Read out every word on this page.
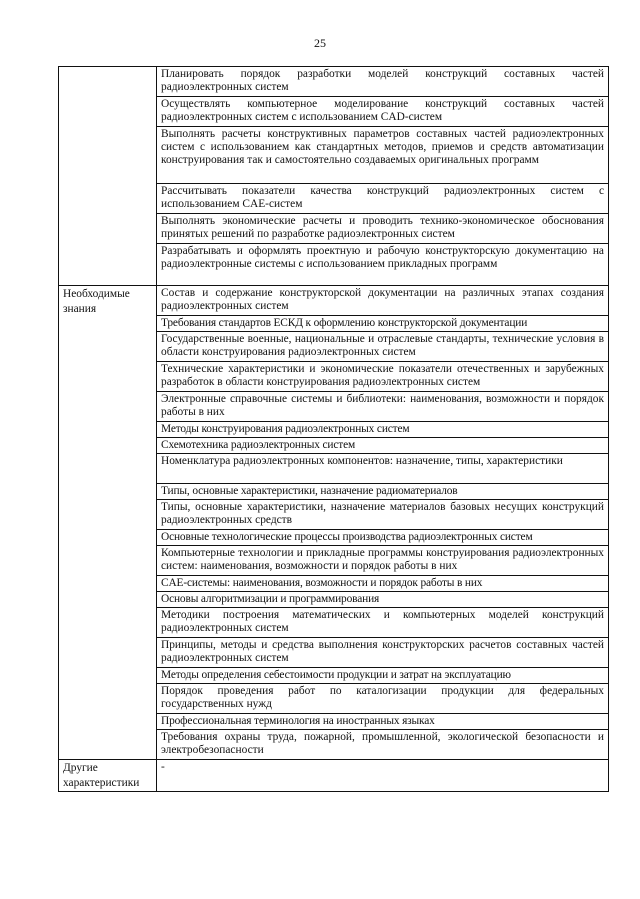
25
	Планировать порядок разработки моделей конструкций составных частей радиоэлектронных систем
	Осуществлять компьютерное моделирование конструкций составных частей радиоэлектронных систем с использованием CAD-систем
	Выполнять расчеты конструктивных параметров составных частей радиоэлектронных систем с использованием как стандартных методов, приемов и средств автоматизации конструирования так и самостоятельно создаваемых оригинальных программ
	Рассчитывать показатели качества конструкций радиоэлектронных систем с использованием CAE-систем
	Выполнять экономические расчеты и проводить технико-экономическое обоснования принятых решений по разработке радиоэлектронных систем
	Разрабатывать и оформлять проектную и рабочую конструкторскую документацию на радиоэлектронные системы с использованием прикладных программ
Необходимые знания	Состав и содержание конструкторской документации на различных этапах создания радиоэлектронных систем
	Требования стандартов ЕСКД к оформлению конструкторской документации
	Государственные военные, национальные и отраслевые стандарты, технические условия в области конструирования радиоэлектронных систем
	Технические характеристики и экономические показатели отечественных и зарубежных разработок в области конструирования радиоэлектронных систем
	Электронные справочные системы и библиотеки: наименования, возможности и порядок работы в них
	Методы конструирования радиоэлектронных систем
	Схемотехника радиоэлектронных систем
	Номенклатура радиоэлектронных компонентов: назначение, типы, характеристики
	Типы, основные характеристики, назначение радиоматериалов
	Типы, основные характеристики, назначение материалов базовых несущих конструкций радиоэлектронных средств
	Основные технологические процессы производства радиоэлектронных систем
	Компьютерные технологии и прикладные программы конструирования радиоэлектронных систем: наименования, возможности и порядок работы в них
	CAE-системы: наименования, возможности и порядок работы в них
	Основы алгоритмизации и программирования
	Методики построения математических и компьютерных моделей конструкций радиоэлектронных систем
	Принципы, методы и средства выполнения конструкторских расчетов составных частей радиоэлектронных систем
	Методы определения себестоимости продукции и затрат на эксплуатацию
	Порядок проведения работ по каталогизации продукции для федеральных государственных нужд
	Профессиональная терминология на иностранных языках
	Требования охраны труда, пожарной, промышленной, экологической безопасности и электробезопасности
Другие характеристики	-
